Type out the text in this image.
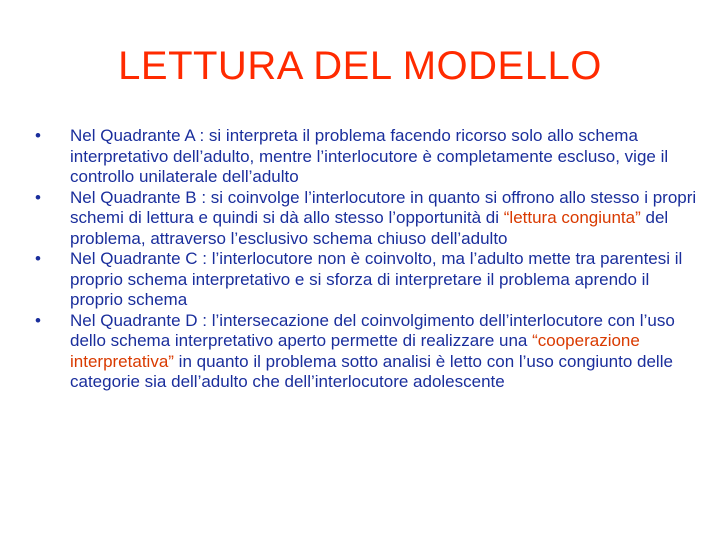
LETTURA DEL MODELLO
•	Nel Quadrante A : si interpreta il problema facendo ricorso solo allo schema interpretativo dell’adulto, mentre l’interlocutore è completamente escluso, vige il controllo unilaterale dell’adulto
•	Nel Quadrante B : si coinvolge l’interlocutore in quanto si offrono allo stesso i propri schemi di lettura e quindi si dà allo stesso l’opportunità di “lettura congiunta” del problema, attraverso l’esclusivo schema chiuso dell’adulto
•	Nel Quadrante C : l’interlocutore non è coinvolto, ma l’adulto mette tra parentesi il proprio schema interpretativo e si sforza di interpretare il problema aprendo il proprio schema
•	Nel Quadrante D : l’intersecazione del coinvolgimento dell’interlocutore con l’uso dello schema interpretativo aperto permette di realizzare una “cooperazione interpretativa” in quanto il problema sotto analisi è letto con l’uso congiunto delle categorie sia dell’adulto che dell’interlocutore adolescente
